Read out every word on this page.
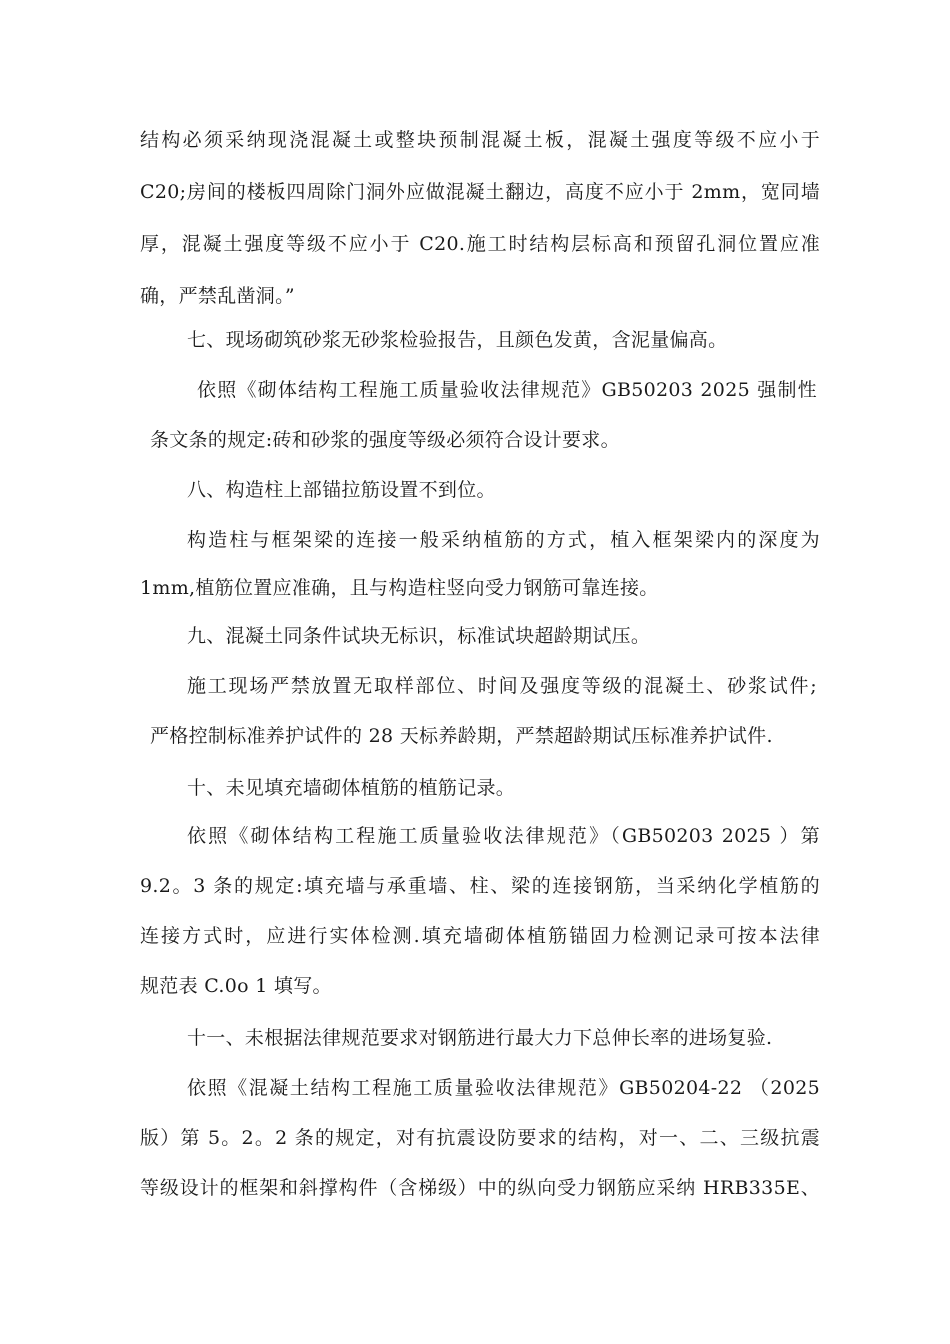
结构必须采纳现浇混凝土或整块预制混凝土板，混凝土强度等级不应小于
C20;房间的楼板四周除门洞外应做混凝土翻边，高度不应小于 2mm，宽同墙
厚，混凝土强度等级不应小于 C20.施工时结构层标高和预留孔洞位置应准
确，严禁乱凿洞。”
七、现场砌筑砂浆无砂浆检验报告，且颜色发黄，含泥量偏高。
依照《砌体结构工程施工质量验收法律规范》GB50203 2025 强制性
条文条的规定:砖和砂浆的强度等级必须符合设计要求。
八、构造柱上部锚拉筋设置不到位。
构造柱与框架梁的连接一般采纳植筋的方式，植入框架梁内的深度为
1mm,植筋位置应准确，且与构造柱竖向受力钢筋可靠连接。
九、混凝土同条件试块无标识，标准试块超龄期试压。
施工现场严禁放置无取样部位、时间及强度等级的混凝土、砂浆试件;
严格控制标准养护试件的 28 天标养龄期，严禁超龄期试压标准养护试件.
十、未见填充墙砌体植筋的植筋记录。
依照《砌体结构工程施工质量验收法律规范》（GB50203 2025 ）第
9.2。3 条的规定:填充墙与承重墙、柱、梁的连接钢筋，当采纳化学植筋的
连接方式时，应进行实体检测.填充墙砌体植筋锚固力检测记录可按本法律
规范表 C.0o 1 填写。
十一、未根据法律规范要求对钢筋进行最大力下总伸长率的进场复验.
依照《混凝土结构工程施工质量验收法律规范》GB50204-22 （2025
版）第 5。2。2 条的规定，对有抗震设防要求的结构，对一、二、三级抗震
等级设计的框架和斜撑构件（含梯级）中的纵向受力钢筋应采纳 HRB335E、
